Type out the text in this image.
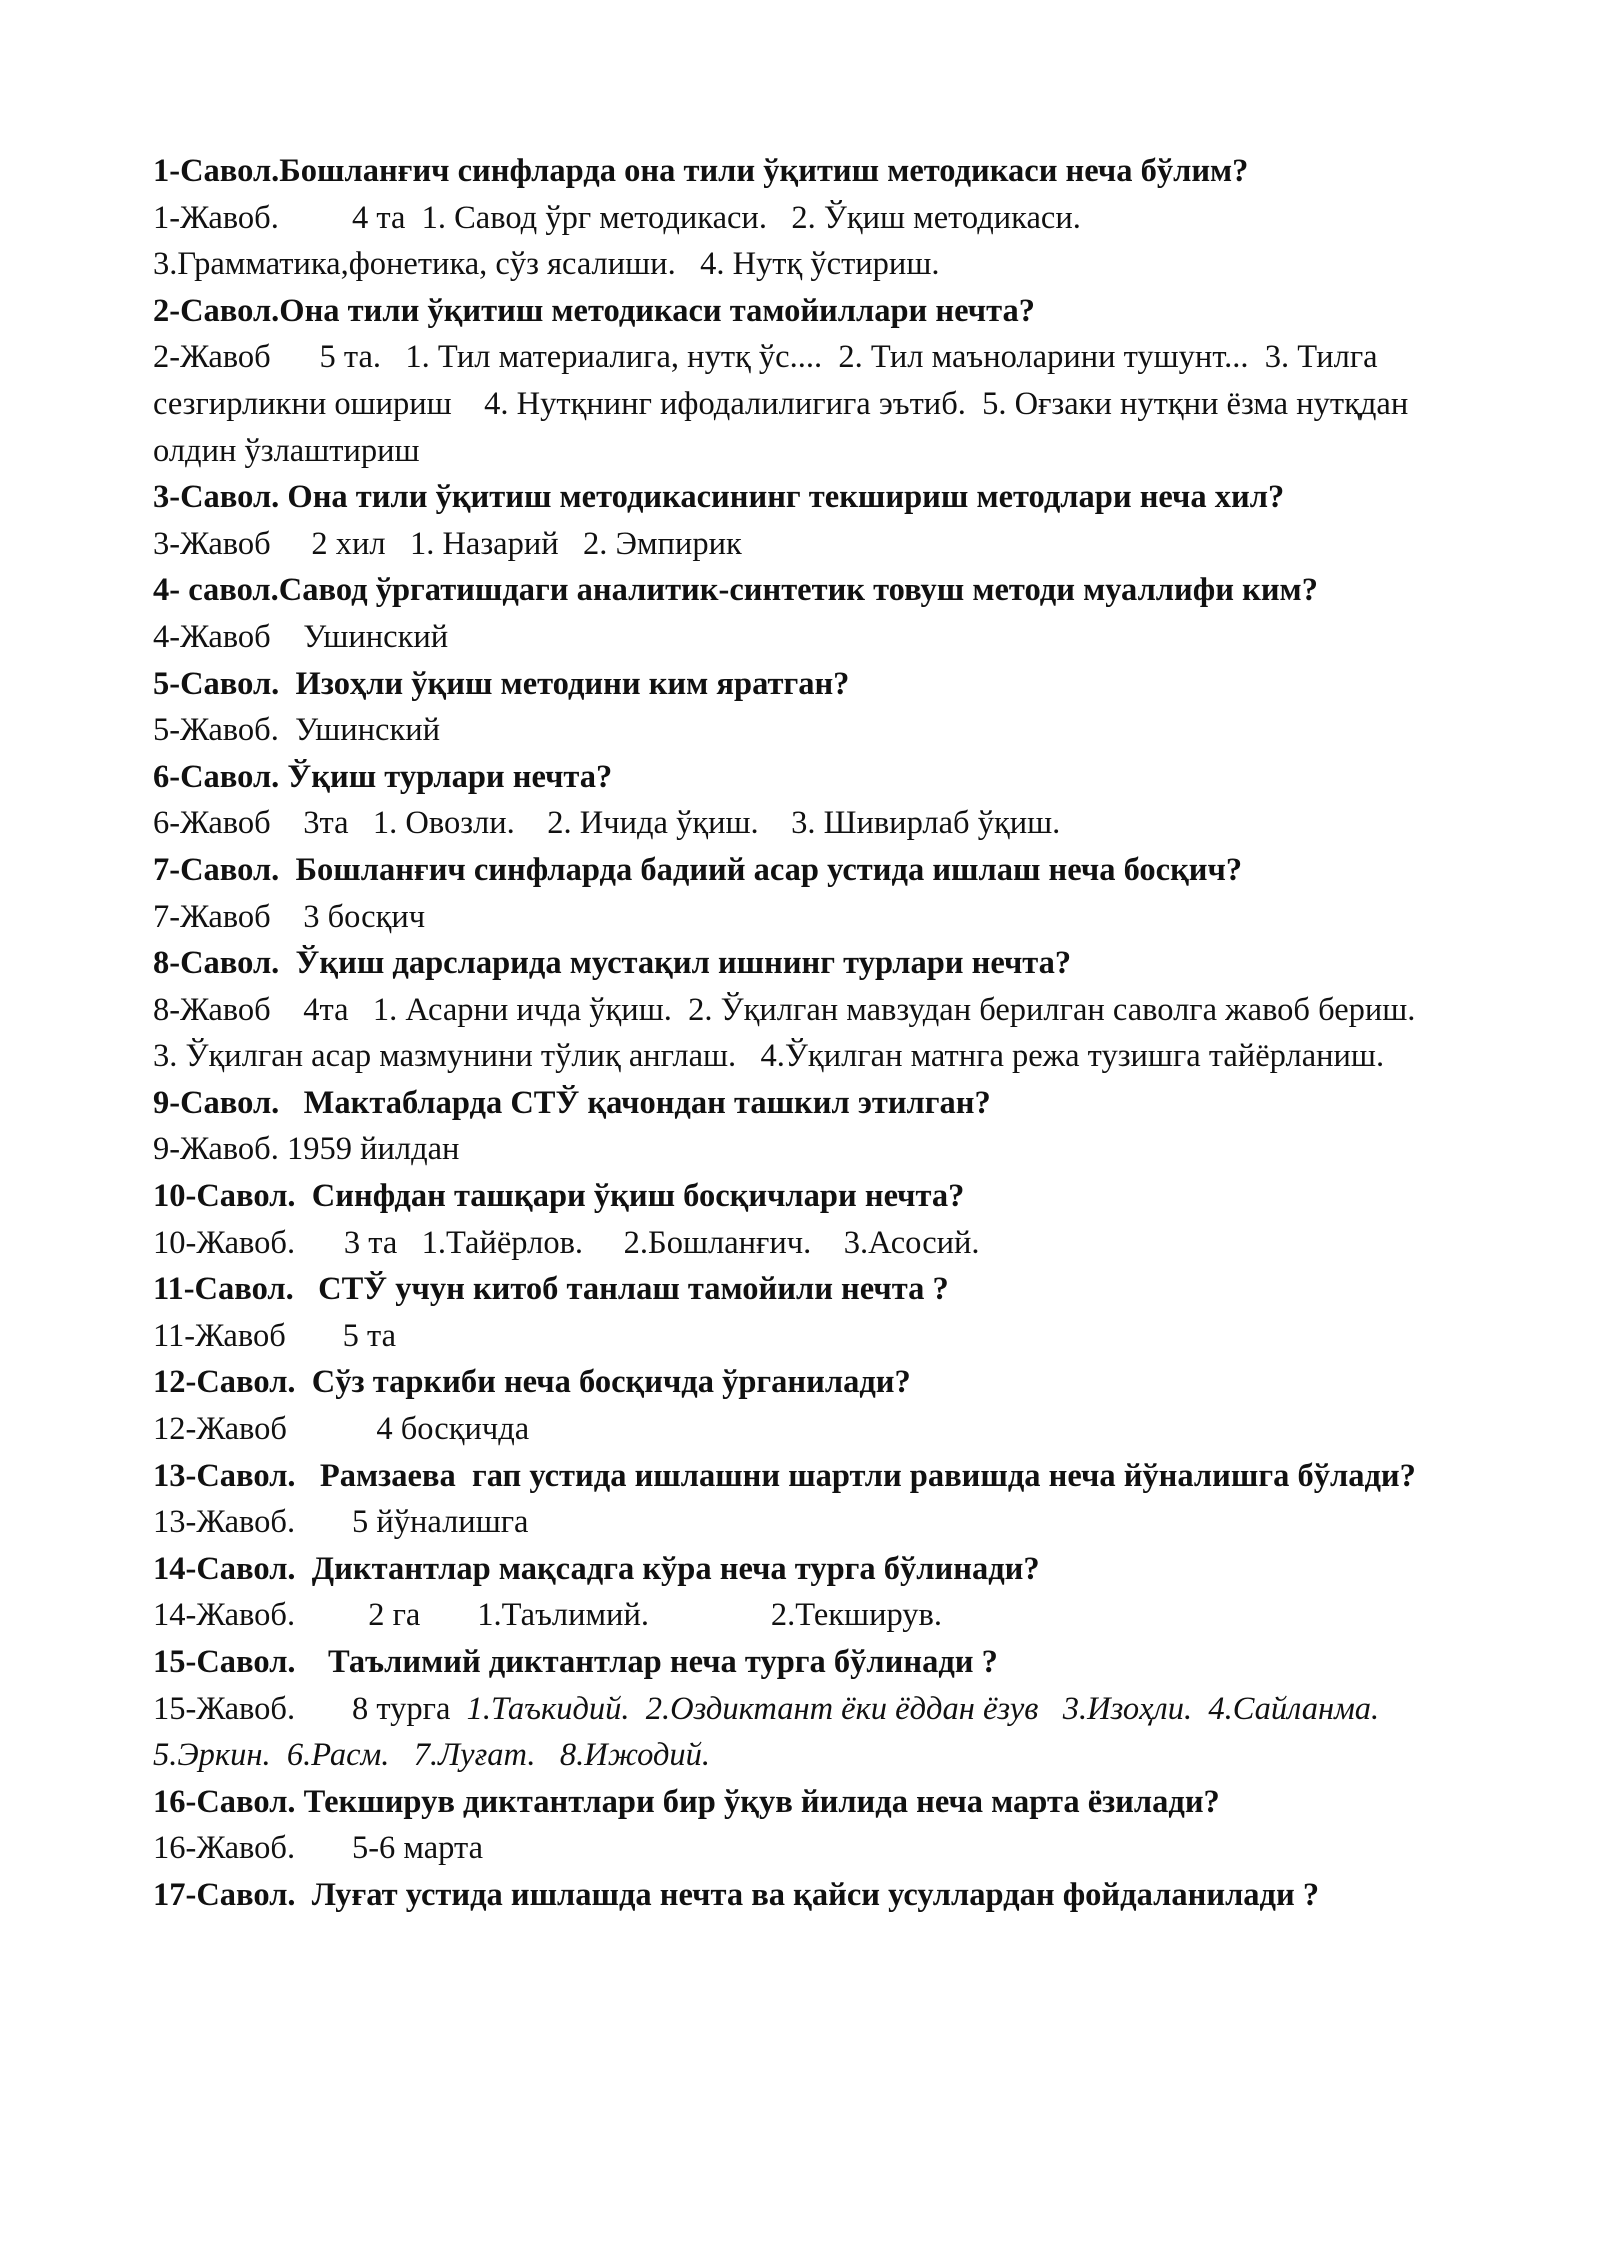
1-Савол.Бошланғич синфларда она тили ўқитиш методикаси неча бўлим?
1-Жавоб.         4 та  1. Савод ўрг методикаси.   2. Ўқиш методикаси.
3.Грамматика,фонетика, сўз ясалиши.   4. Нутқ ўстириш.
2-Савол.Она тили ўқитиш методикаси тамойиллари нечта?
2-Жавоб      5 та.   1. Тил материалига, нутқ ўс....  2. Тил маъноларини тушунт...  3. Тилга сезгирликни ошириш    4. Нутқнинг ифодалилигига эътиб.  5. Оғзаки нутқни ёзма нутқдан олдин ўзлаштириш
3-Савол. Она тили ўқитиш методикасининг текшириш методлари неча хил?
3-Жавоб     2 хил   1. Назарий   2. Эмпирик
4- савол.Савод ўргатишдаги аналитик-синтетик товуш методи муаллифи ким?
4-Жавоб    Ушинский
5-Савол.  Изоҳли ўқиш методини ким яратган?
5-Жавоб.  Ушинский
6-Савол. Ўқиш турлари нечта?
6-Жавоб    3та   1. Овозли.    2. Ичида ўқиш.    3. Шивирлаб ўқиш.
7-Савол.  Бошланғич синфларда бадиий асар устида ишлаш неча босқич?
7-Жавоб    3 босқич
8-Савол.  Ўқиш дарсларида мустақил ишнинг турлари нечта?
8-Жавоб    4та   1. Асарни ичда ўқиш.  2. Ўқилган мавзудан берилган саволга жавоб бериш.
3. Ўқилган асар мазмунини тўлиқ англаш.   4.Ўқилган матнга режа тузишга тайёрланиш.
9-Савол.   Мактабларда СТЎ қачондан ташкил этилган?
9-Жавоб. 1959 йилдан
10-Савол.  Синфдан ташқари ўқиш босқичлари нечта?
10-Жавоб.      3 та   1.Тайёрлов.     2.Бошланғич.    3.Асосий.
11-Савол.   СТЎ учун китоб танлаш тамойили нечта ?
11-Жавоб       5 та
12-Савол.  Сўз таркиби неча босқичда ўрганилади?
12-Жавоб           4 босқичда
13-Савол.   Рамзаева  гап устида ишлашни шартли равишда неча йўналишга бўлади?
13-Жавоб.       5 йўналишга
14-Савол.  Диктантлар мақсадга кўра неча турга бўлинади?
14-Жавоб.         2 га       1.Таълимий.               2.Текширув.
15-Савол.    Таълимий диктантлар неча турга бўлинади ?
15-Жавоб.       8 турга  1.Таъкидий.  2.Оздиктант ёки ёддан ёзув   3.Изоҳли.  4.Сайланма.
5.Эркин.  6.Расм.   7.Луғат.   8.Ижодий.
16-Савол. Текширув диктантлари бир ўқув йилида неча марта ёзилади?
16-Жавоб.       5-6 марта
17-Савол.  Луғат устида ишлашда нечта ва қайси усуллардан фойдаланилади ?
